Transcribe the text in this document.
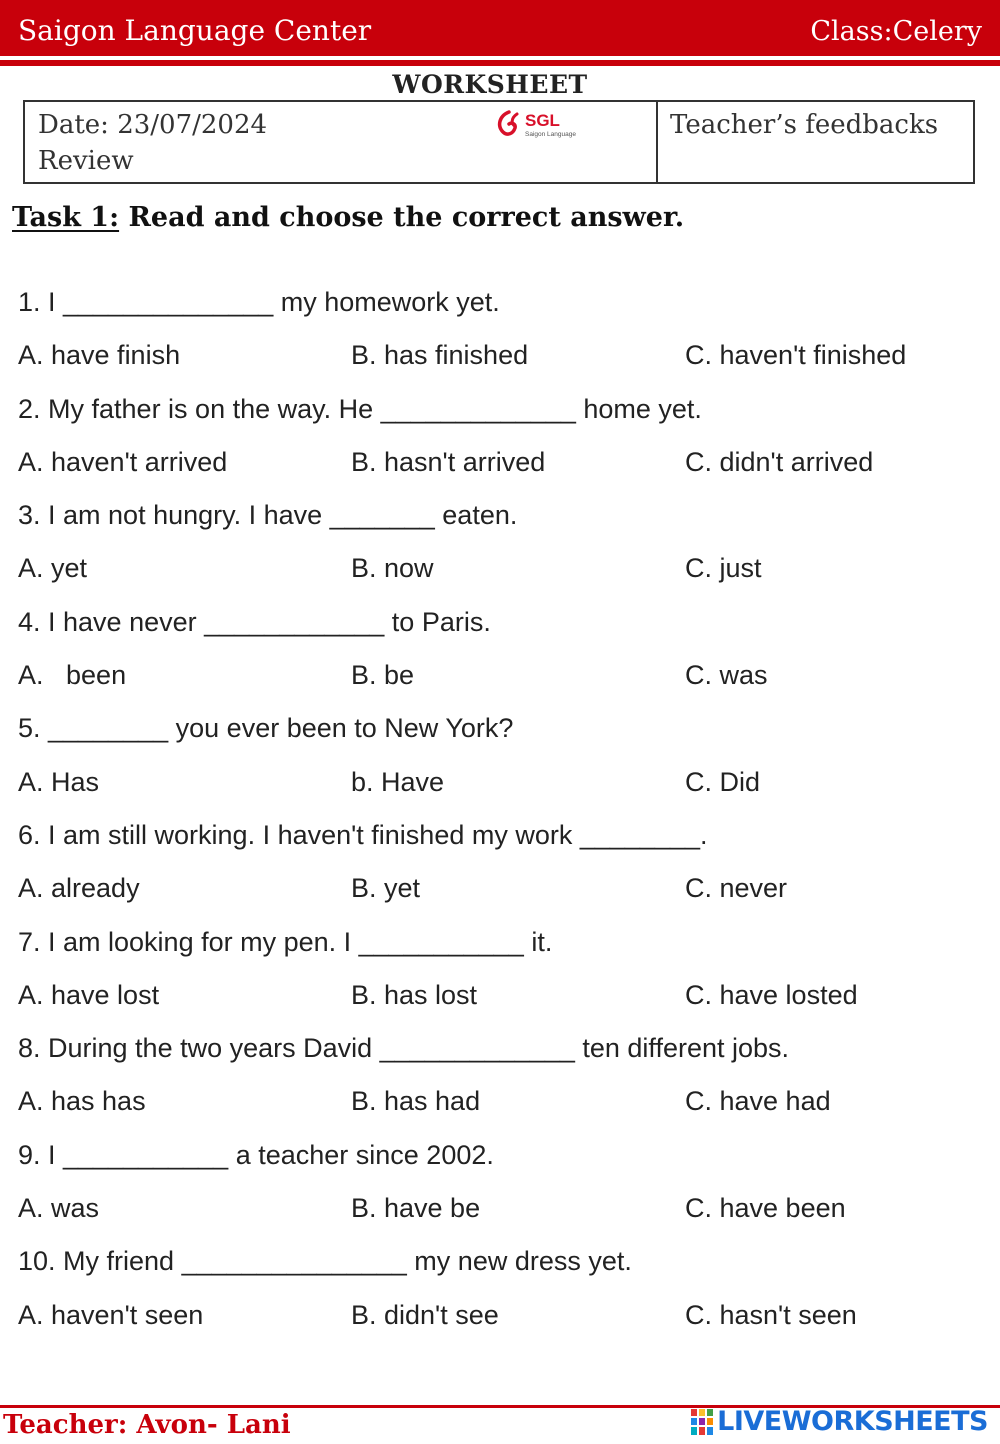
Saigon Language Center	Class:Celery
WORKSHEET
Date: 23/07/2024
Review
SGL
Saigon Language	Teacher’s feedbacks
Task 1: Read and choose the correct answer.
1. I ______________ my homework yet.
A. have finish	B. has finished	C. haven't finished
2. My father is on the way. He _____________ home yet.
A. haven't arrived	B. hasn't arrived	C. didn't arrived
3. I am not hungry. I have _______ eaten.
A. yet	B. now	C. just
4. I have never ____________ to Paris.
A.   been	B. be	C. was
5. ________ you ever been to New York?
A. Has	b. Have	C. Did
6. I am still working. I haven't finished my work ________.
A. already	B. yet	C. never
7. I am looking for my pen. I ___________ it.
A. have lost	B. has lost	C. have losted
8. During the two years David _____________ ten different jobs.
A. has has	B. has had	C. have had
9. I ___________ a teacher since 2002.
A. was	B. have be	C. have been
10. My friend _______________ my new dress yet.
A. haven't seen	B. didn't see	C. hasn't seen
Teacher: Avon- Lani	LIVEWORKSHEETS
